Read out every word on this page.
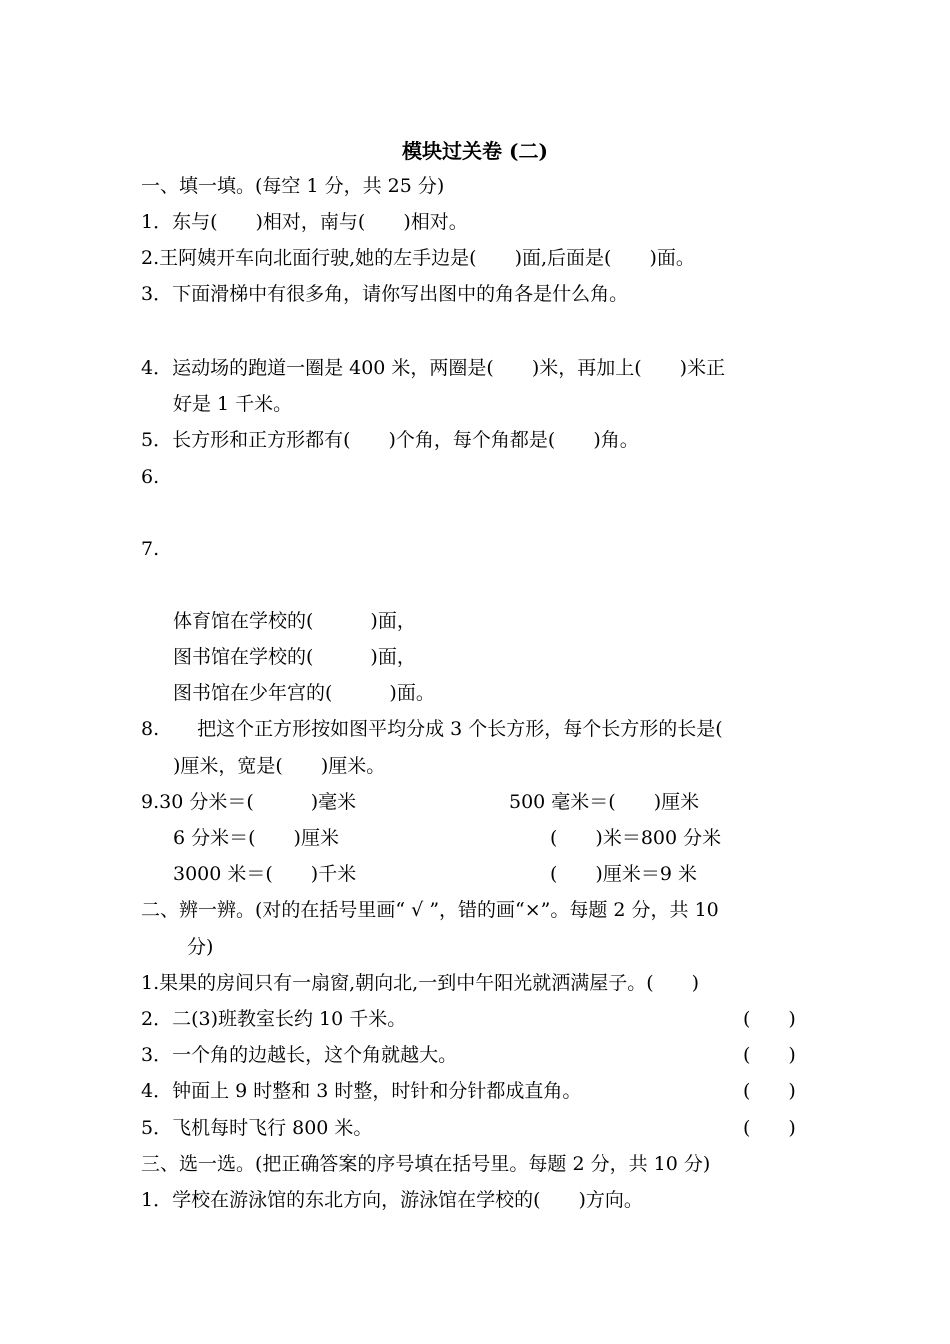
模块过关卷 (二)
一、填一填。(每空 1 分，共 25 分)
1．东与(　　)相对，南与(　　)相对。
2.王阿姨开车向北面行驶,她的左手边是(　　)面,后面是(　　)面。
3．下面滑梯中有很多角，请你写出图中的角各是什么角。
4．运动场的跑道一圈是 400 米，两圈是(　　)米，再加上(　　)米正
好是 1 千米。
5．长方形和正方形都有(　　)个角，每个角都是(　　)角。
6.
7.
体育馆在学校的(　　　)面，
图书馆在学校的(　　　)面，
图书馆在少年宫的(　　　)面。
8.　　把这个正方形按如图平均分成 3 个长方形，每个长方形的长是(
)厘米，宽是(　　)厘米。
9.30 分米＝(　　　)毫米	500 毫米＝(　　)厘米
6 分米＝(　　)厘米	(　　)米＝800 分米
3000 米＝(　　)千米	(　　)厘米＝9 米
二、辨一辨。(对的在括号里画“ √ ”，错的画“×”。每题 2 分，共 10
分)
1.果果的房间只有一扇窗,朝向北,一到中午阳光就洒满屋子。(　　)
2．二(3)班教室长约 10 千米。	(　　)
3．一个角的边越长，这个角就越大。	(　　)
4．钟面上 9 时整和 3 时整，时针和分针都成直角。	(　　)
5．飞机每时飞行 800 米。	(　　)
三、选一选。(把正确答案的序号填在括号里。每题 2 分，共 10 分)
1．学校在游泳馆的东北方向，游泳馆在学校的(　　)方向。
